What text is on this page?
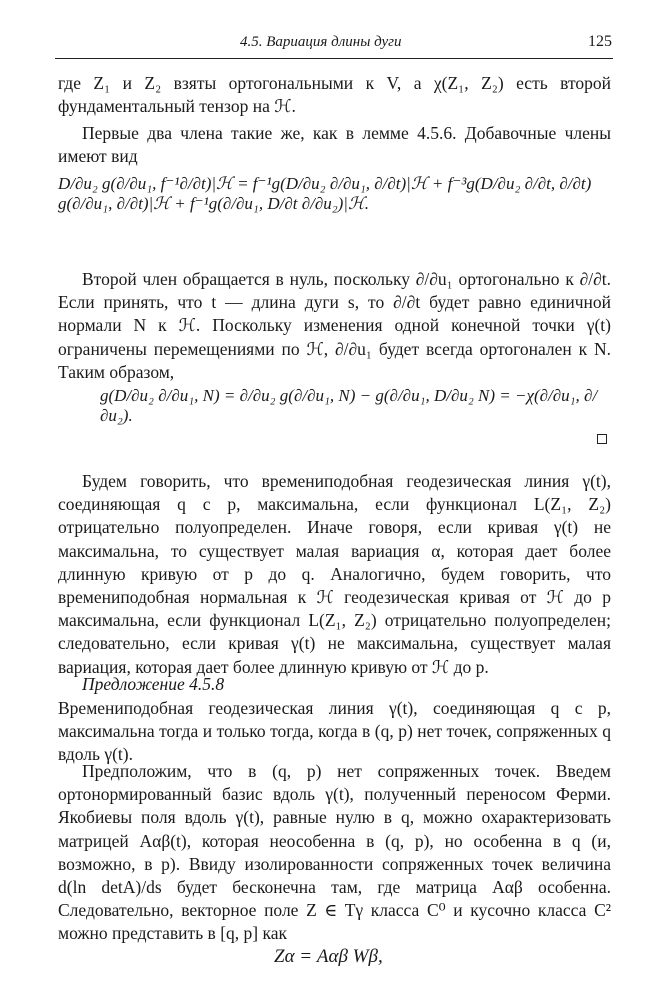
4.5. Вариация длины дуги	125

где Z₁ и Z₂ взяты ортогональными к V, а χ(Z₁, Z₂) есть второй фундаментальный тензор на ℋ.

Первые два члена такие же, как в лемме 4.5.6. Добавочные члены имеют вид

D/∂u₂ g(∂/∂u₁, f⁻¹∂/∂t)|ℋ = f⁻¹g(D/∂u₂ ∂/∂u₁, ∂/∂t)|ℋ + f⁻³g(D/∂u₂ ∂/∂t, ∂/∂t) g(∂/∂u₁, ∂/∂t)|ℋ + f⁻¹g(∂/∂u₁, D/∂t ∂/∂u₂)|ℋ.

Второй член обращается в нуль, поскольку ∂/∂u₁ ортогонально к ∂/∂t. Если принять, что t — длина дуги s, то ∂/∂t будет равно единичной нормали N к ℋ. Поскольку изменения одной конечной точки γ(t) ограничены перемещениями по ℋ, ∂/∂u₁ будет всегда ортогонален к N. Таким образом,

g(D/∂u₂ ∂/∂u₁, N) = ∂/∂u₂ g(∂/∂u₁, N) − g(∂/∂u₁, D/∂u₂ N) = −χ(∂/∂u₁, ∂/∂u₂).

Будем говорить, что времениподобная геодезическая линия γ(t), соединяющая q с p, максимальна, если функционал L(Z₁, Z₂) отрицательно полуопределен. Иначе говоря, если кривая γ(t) не максимальна, то существует малая вариация α, которая дает более длинную кривую от p до q. Аналогично, будем говорить, что времениподобная нормальная к ℋ геодезическая кривая от ℋ до p максимальна, если функционал L(Z₁, Z₂) отрицательно полуопределен; следовательно, если кривая γ(t) не максимальна, существует малая вариация, которая дает более длинную кривую от ℋ до p.

Предложение 4.5.8

Времениподобная геодезическая линия γ(t), соединяющая q с p, максимальна тогда и только тогда, когда в (q, p) нет точек, сопряженных q вдоль γ(t).

Предположим, что в (q, p) нет сопряженных точек. Введем ортонормированный базис вдоль γ(t), полученный переносом Ферми. Якобиевы поля вдоль γ(t), равные нулю в q, можно охарактеризовать матрицей Aαβ(t), которая неособенна в (q, p), но особенна в q (и, возможно, в p). Ввиду изолированности сопряженных точек величина d(ln detA)/ds будет бесконечна там, где матрица Aαβ особенна. Следовательно, векторное поле Z ∈ Tγ класса C⁰ и кусочно класса C² можно представить в [q, p] как

Zα = Aαβ Wβ,
